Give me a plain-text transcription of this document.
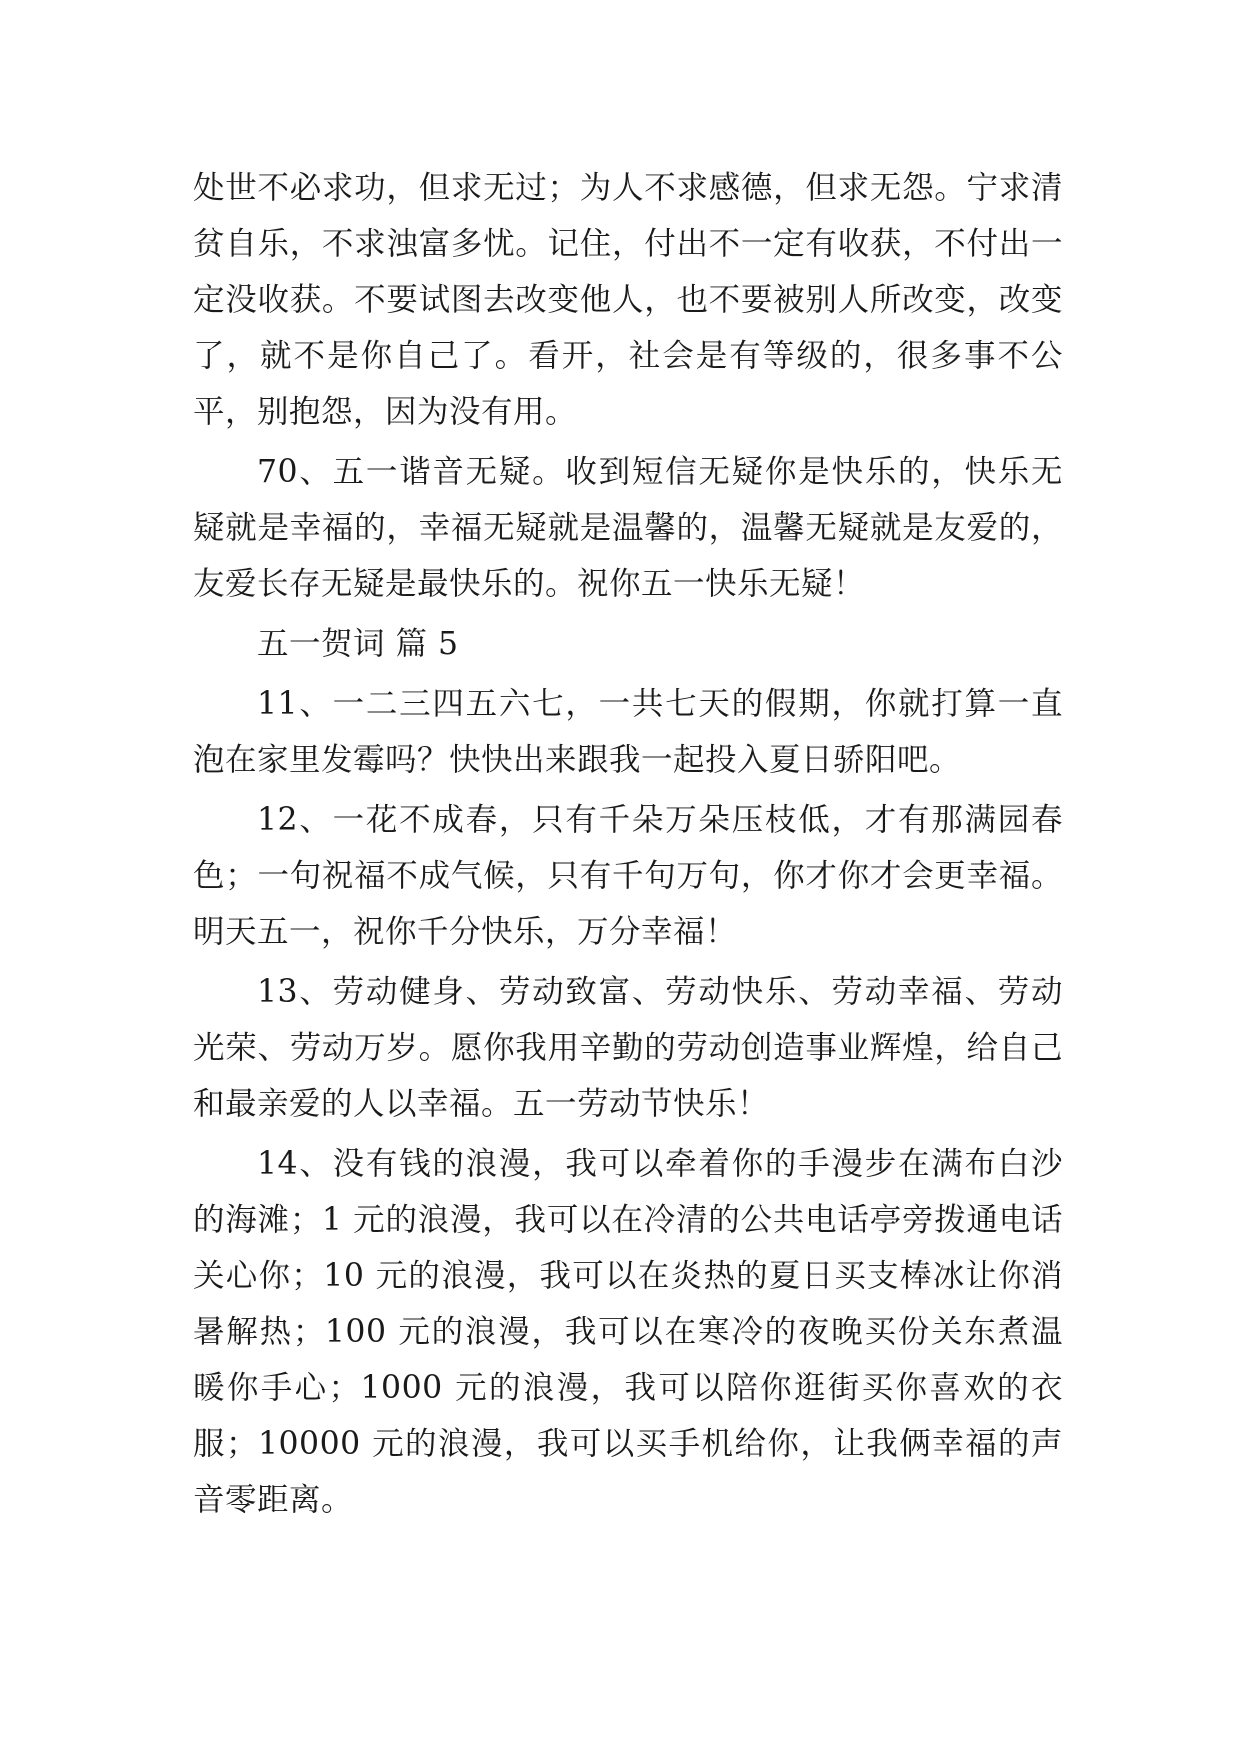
处世不必求功，但求无过；为人不求感德，但求无怨。宁求清贫自乐，不求浊富多忧。记住，付出不一定有收获，不付出一定没收获。不要试图去改变他人，也不要被别人所改变，改变了，就不是你自己了。看开，社会是有等级的，很多事不公平，别抱怨，因为没有用。

70、五一谐音无疑。收到短信无疑你是快乐的，快乐无疑就是幸福的，幸福无疑就是温馨的，温馨无疑就是友爱的，友爱长存无疑是最快乐的。祝你五一快乐无疑！

五一贺词 篇 5

11、一二三四五六七，一共七天的假期，你就打算一直泡在家里发霉吗？快快出来跟我一起投入夏日骄阳吧。

12、一花不成春，只有千朵万朵压枝低，才有那满园春色；一句祝福不成气候，只有千句万句，你才你才会更幸福。明天五一，祝你千分快乐，万分幸福！

13、劳动健身、劳动致富、劳动快乐、劳动幸福、劳动光荣、劳动万岁。愿你我用辛勤的劳动创造事业辉煌，给自己和最亲爱的人以幸福。五一劳动节快乐！

14、没有钱的浪漫，我可以牵着你的手漫步在满布白沙的海滩；1 元的浪漫，我可以在冷清的公共电话亭旁拨通电话关心你；10 元的浪漫，我可以在炎热的夏日买支棒冰让你消暑解热；100 元的浪漫，我可以在寒冷的夜晚买份关东煮温暖你手心；1000 元的浪漫，我可以陪你逛街买你喜欢的衣服；10000 元的浪漫，我可以买手机给你，让我俩幸福的声音零距离。
